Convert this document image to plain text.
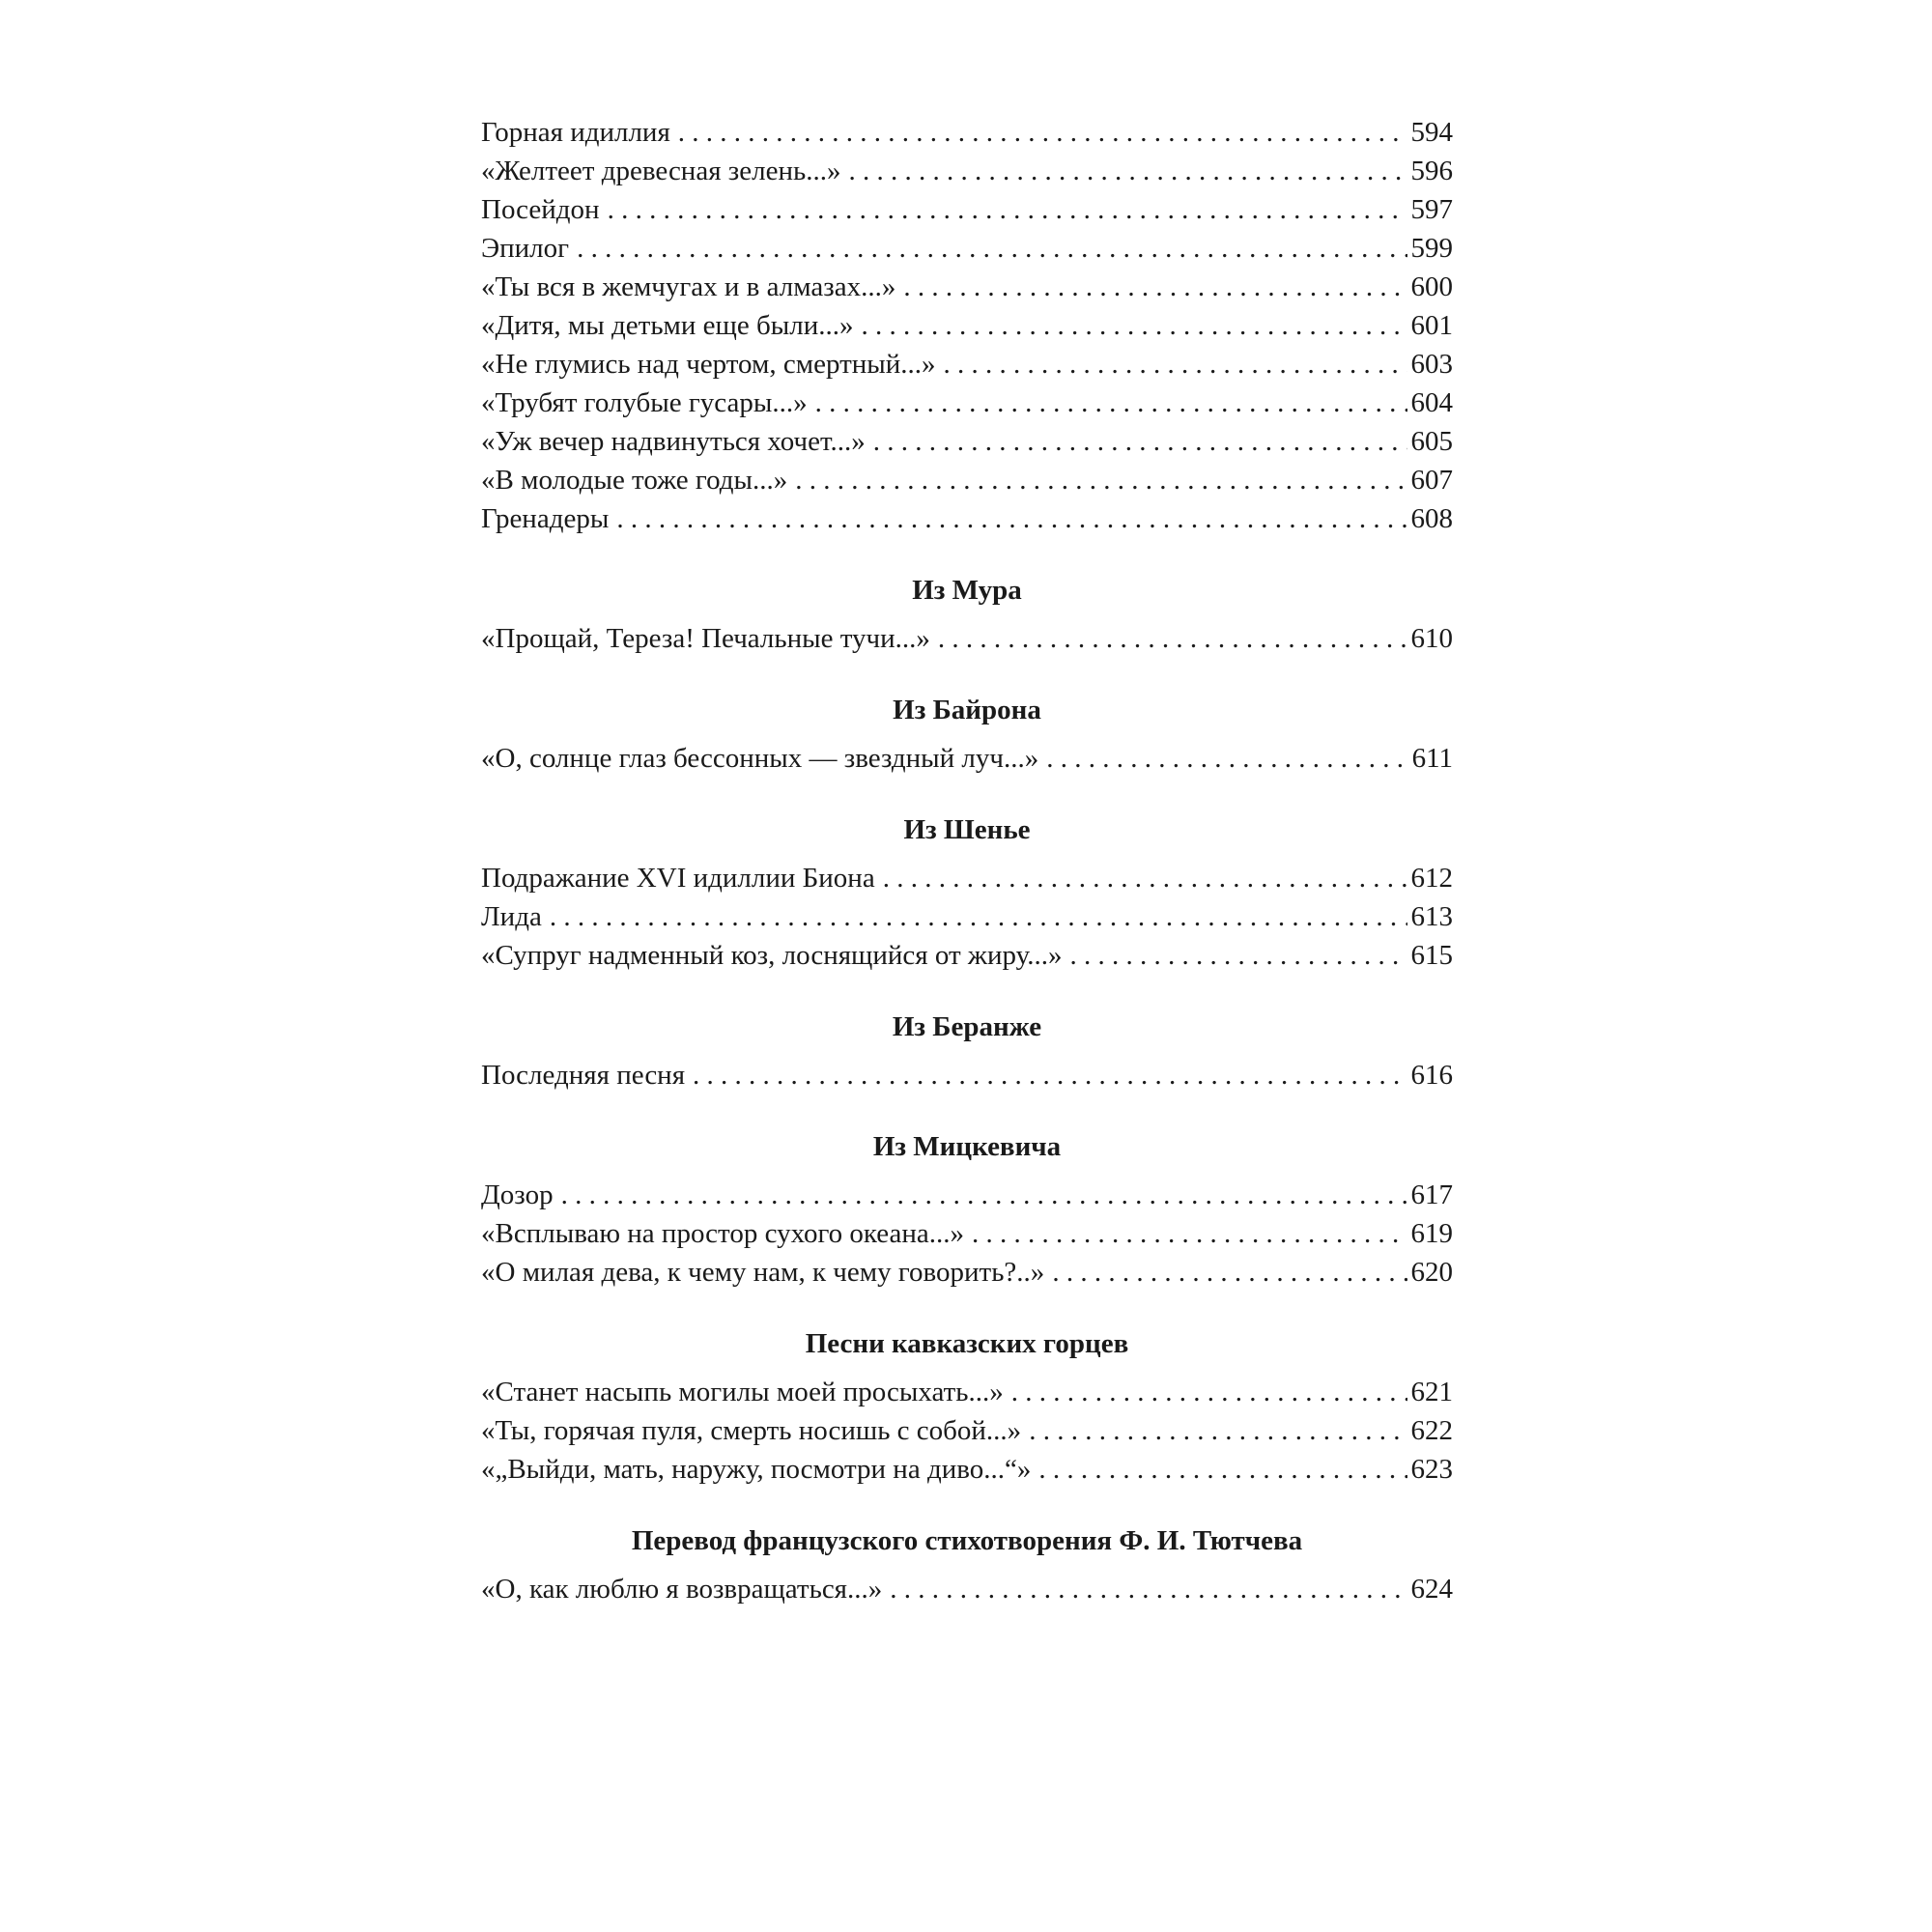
Горная идиллия . . .	594
«Желтеет древесная зелень...» . . .	596
Посейдон . . .	597
Эпилог . . .	599
«Ты вся в жемчугах и в алмазах...» . . .	600
«Дитя, мы детьми еще были...» . . .	601
«Не глумись над чертом, смертный...» . . .	603
«Трубят голубые гусары...» . . .	604
«Уж вечер надвинуться хочет...» . . .	605
«В молодые тоже годы...» . . .	607
Гренадеры . . .	608
Из Мура
«Прощай, Тереза! Печальные тучи...» . . .	610
Из Байрона
«О, солнце глаз бессонных — звездный луч...» . . .	611
Из Шенье
Подражание XVI идиллии Биона . . .	612
Лида . . .	613
«Супруг надменный коз, лоснящийся от жиру...» . . .	615
Из Беранже
Последняя песня . . .	616
Из Мицкевича
Дозор . . .	617
«Всплываю на простор сухого океана...» . . .	619
«О милая дева, к чему нам, к чему говорить?..» . . .	620
Песни кавказских горцев
«Станет насыпь могилы моей просыхать...» . . .	621
«Ты, горячая пуля, смерть носишь с собой...» . . .	622
«„Выйди, мать, наружу, посмотри на диво...“» . . .	623
Перевод французского стихотворения Ф. И. Тютчева
«О, как люблю я возвращаться...» . . .	624
